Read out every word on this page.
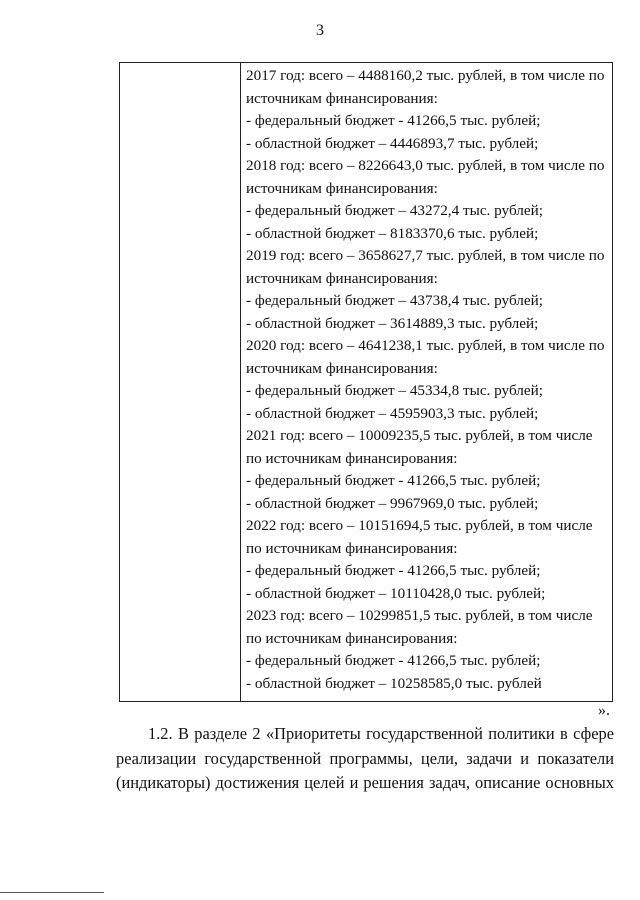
3

2017 год: всего – 4488160,2 тыс. рублей, в том числе по
источникам финансирования:
- федеральный бюджет - 41266,5 тыс. рублей;
- областной бюджет – 4446893,7 тыс. рублей;
2018 год: всего – 8226643,0 тыс. рублей, в том числе по
источникам финансирования:
- федеральный бюджет – 43272,4 тыс. рублей;
- областной бюджет – 8183370,6 тыс. рублей;
2019 год: всего – 3658627,7 тыс. рублей, в том числе по
источникам финансирования:
- федеральный бюджет – 43738,4 тыс. рублей;
- областной бюджет – 3614889,3 тыс. рублей;
2020 год: всего – 4641238,1 тыс. рублей, в том числе по
источникам финансирования:
- федеральный бюджет – 45334,8 тыс. рублей;
- областной бюджет – 4595903,3 тыс. рублей;
2021 год: всего – 10009235,5 тыс. рублей, в том числе
по источникам финансирования:
- федеральный бюджет - 41266,5 тыс. рублей;
- областной бюджет – 9967969,0 тыс. рублей;
2022 год: всего – 10151694,5 тыс. рублей, в том числе
по источникам финансирования:
- федеральный бюджет - 41266,5 тыс. рублей;
- областной бюджет – 10110428,0 тыс. рублей;
2023 год: всего – 10299851,5 тыс. рублей, в том числе
по источникам финансирования:
- федеральный бюджет - 41266,5 тыс. рублей;
- областной бюджет – 10258585,0 тыс. рублей
».
1.2. В разделе 2 «Приоритеты государственной политики в сфере
реализации государственной программы, цели, задачи и показатели
(индикаторы) достижения целей и решения задач, описание основных
